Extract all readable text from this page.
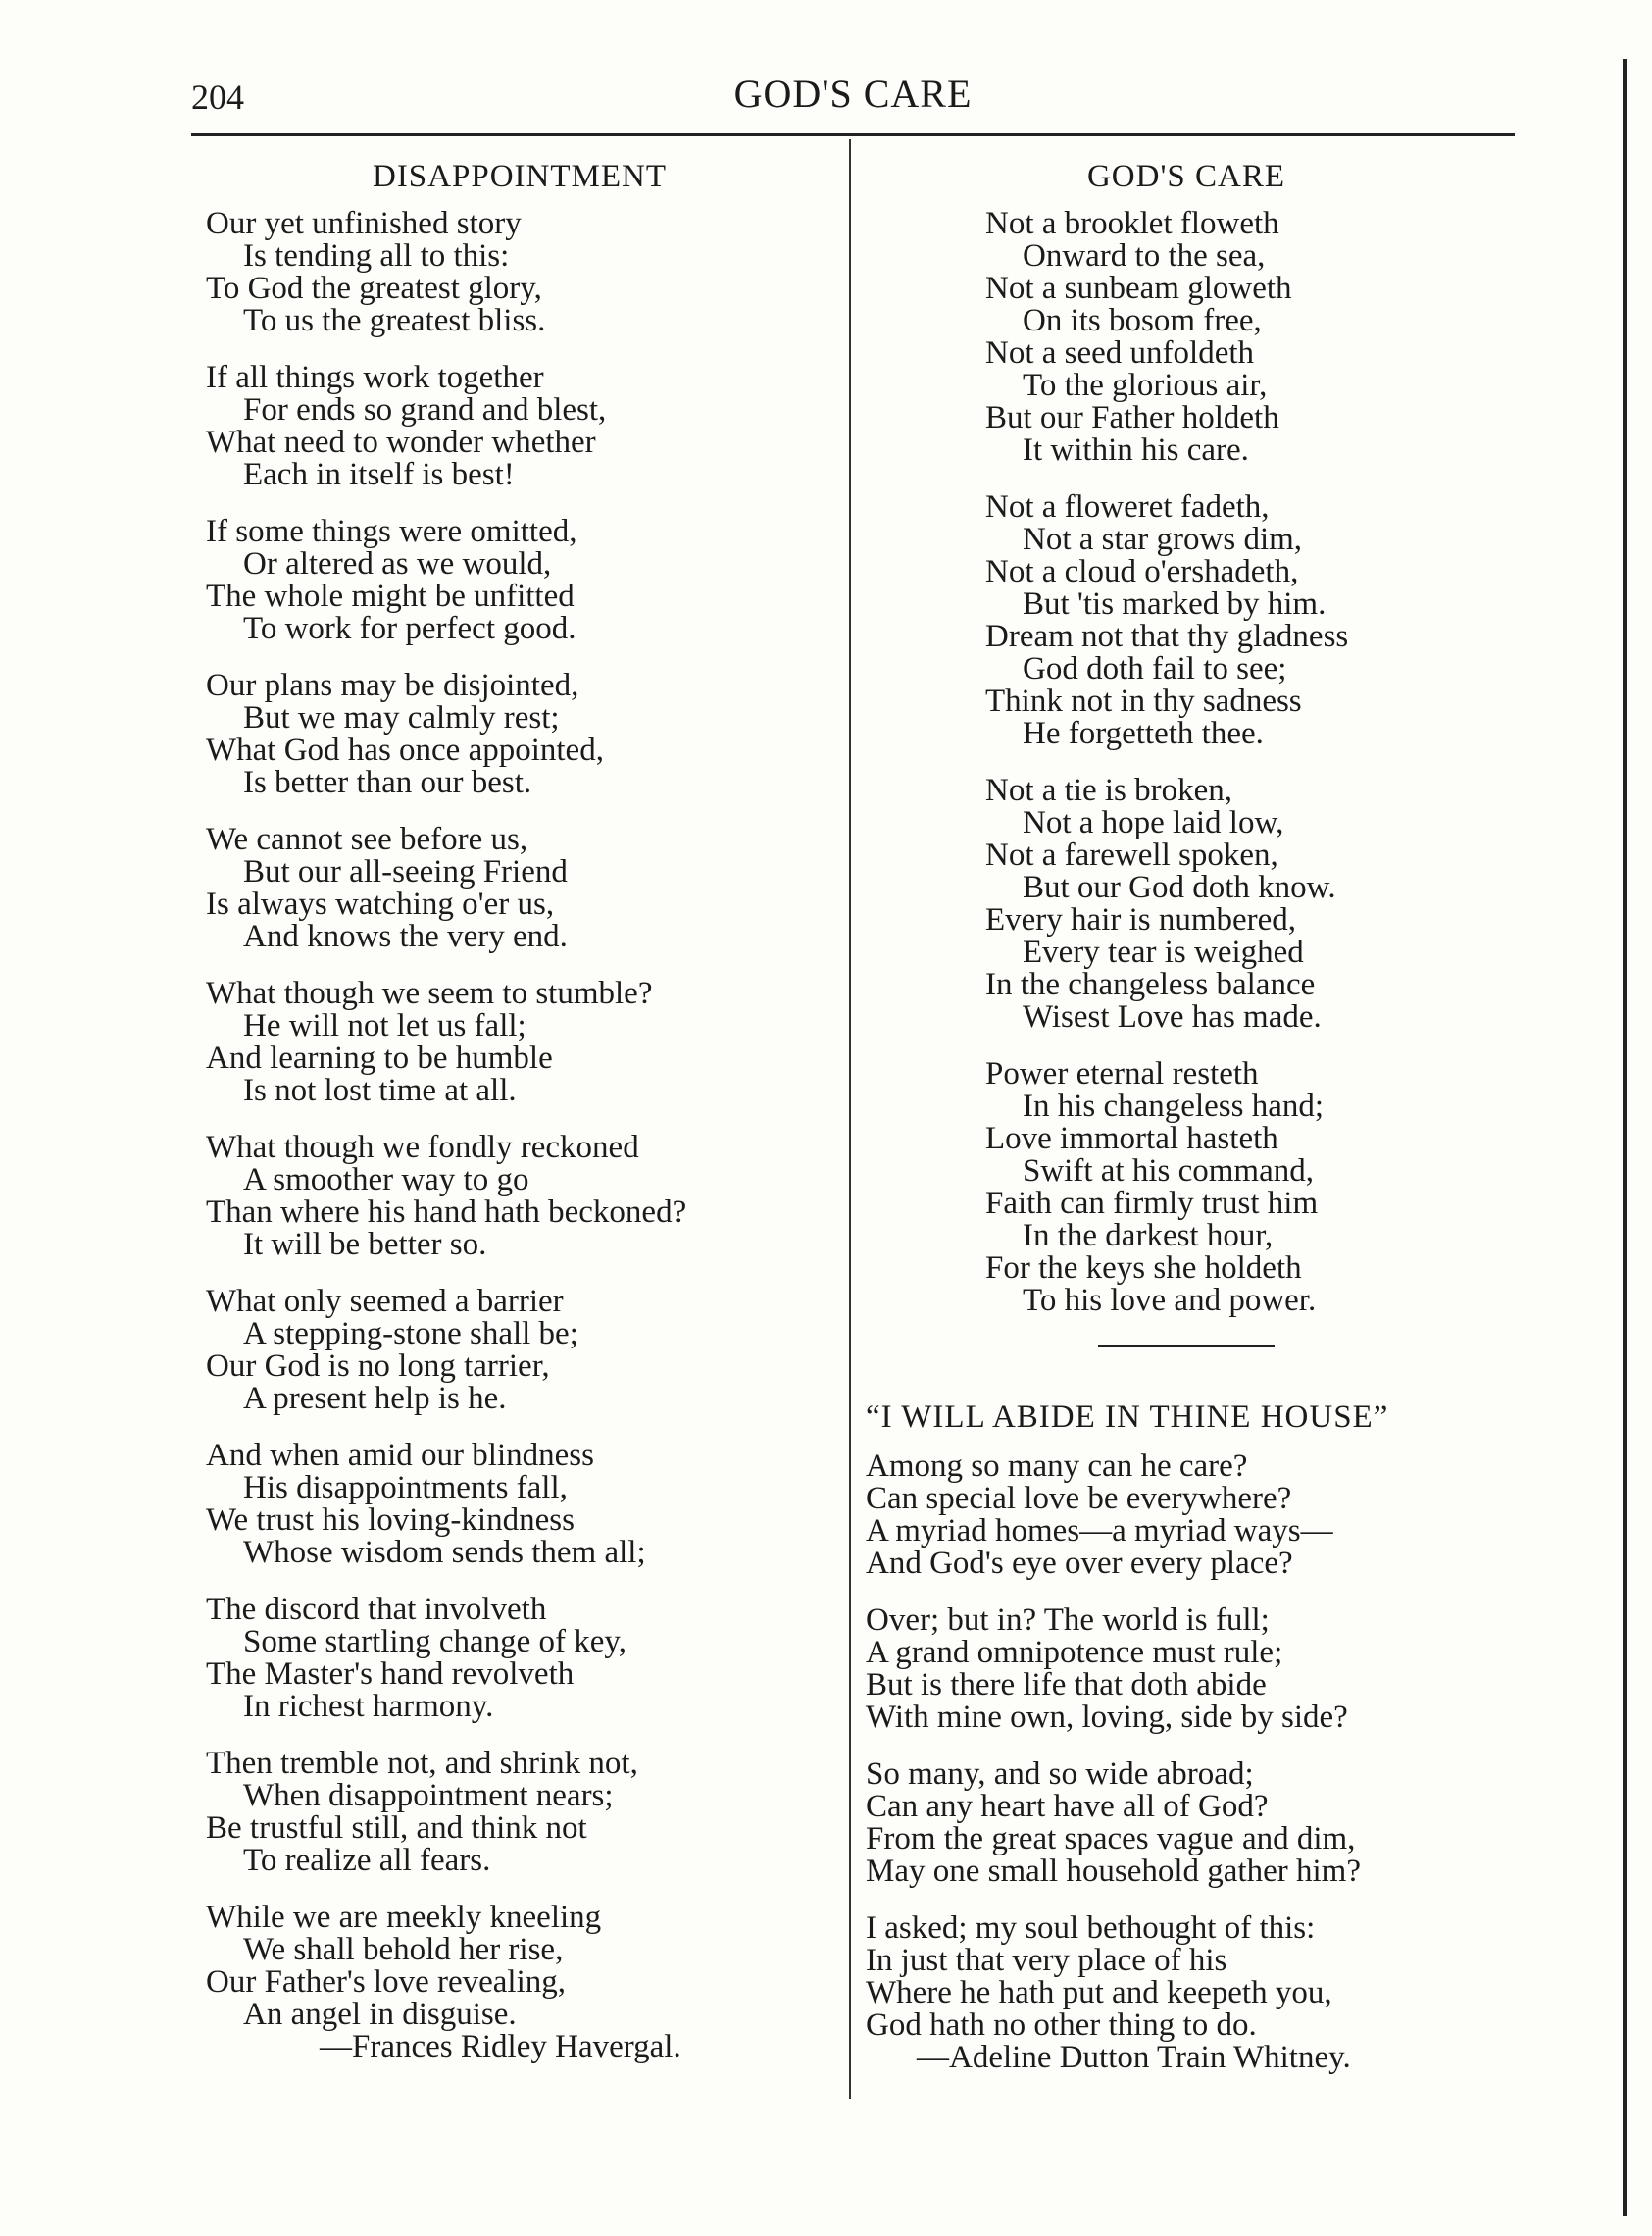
204	GOD'S CARE
DISAPPOINTMENT
Our yet unfinished story
Is tending all to this:
To God the greatest glory,
To us the greatest bliss.
If all things work together
For ends so grand and blest,
What need to wonder whether
Each in itself is best!
If some things were omitted,
Or altered as we would,
The whole might be unfitted
To work for perfect good.
Our plans may be disjointed,
But we may calmly rest;
What God has once appointed,
Is better than our best.
We cannot see before us,
But our all-seeing Friend
Is always watching o'er us,
And knows the very end.
What though we seem to stumble?
He will not let us fall;
And learning to be humble
Is not lost time at all.
What though we fondly reckoned
A smoother way to go
Than where his hand hath beckoned?
It will be better so.
What only seemed a barrier
A stepping-stone shall be;
Our God is no long tarrier,
A present help is he.
And when amid our blindness
His disappointments fall,
We trust his loving-kindness
Whose wisdom sends them all;
The discord that involveth
Some startling change of key,
The Master's hand revolveth
In richest harmony.
Then tremble not, and shrink not,
When disappointment nears;
Be trustful still, and think not
To realize all fears.
While we are meekly kneeling
We shall behold her rise,
Our Father's love revealing,
An angel in disguise.
—Frances Ridley Havergal.
GOD'S CARE
Not a brooklet floweth
Onward to the sea,
Not a sunbeam gloweth
On its bosom free,
Not a seed unfoldeth
To the glorious air,
But our Father holdeth
It within his care.
Not a floweret fadeth,
Not a star grows dim,
Not a cloud o'ershadeth,
But 'tis marked by him.
Dream not that thy gladness
God doth fail to see;
Think not in thy sadness
He forgetteth thee.
Not a tie is broken,
Not a hope laid low,
Not a farewell spoken,
But our God doth know.
Every hair is numbered,
Every tear is weighed
In the changeless balance
Wisest Love has made.
Power eternal resteth
In his changeless hand;
Love immortal hasteth
Swift at his command,
Faith can firmly trust him
In the darkest hour,
For the keys she holdeth
To his love and power.
“I WILL ABIDE IN THINE HOUSE”
Among so many can he care?
Can special love be everywhere?
A myriad homes—a myriad ways—
And God's eye over every place?
Over; but in? The world is full;
A grand omnipotence must rule;
But is there life that doth abide
With mine own, loving, side by side?
So many, and so wide abroad;
Can any heart have all of God?
From the great spaces vague and dim,
May one small household gather him?
I asked; my soul bethought of this:
In just that very place of his
Where he hath put and keepeth you,
God hath no other thing to do.
—Adeline Dutton Train Whitney.
